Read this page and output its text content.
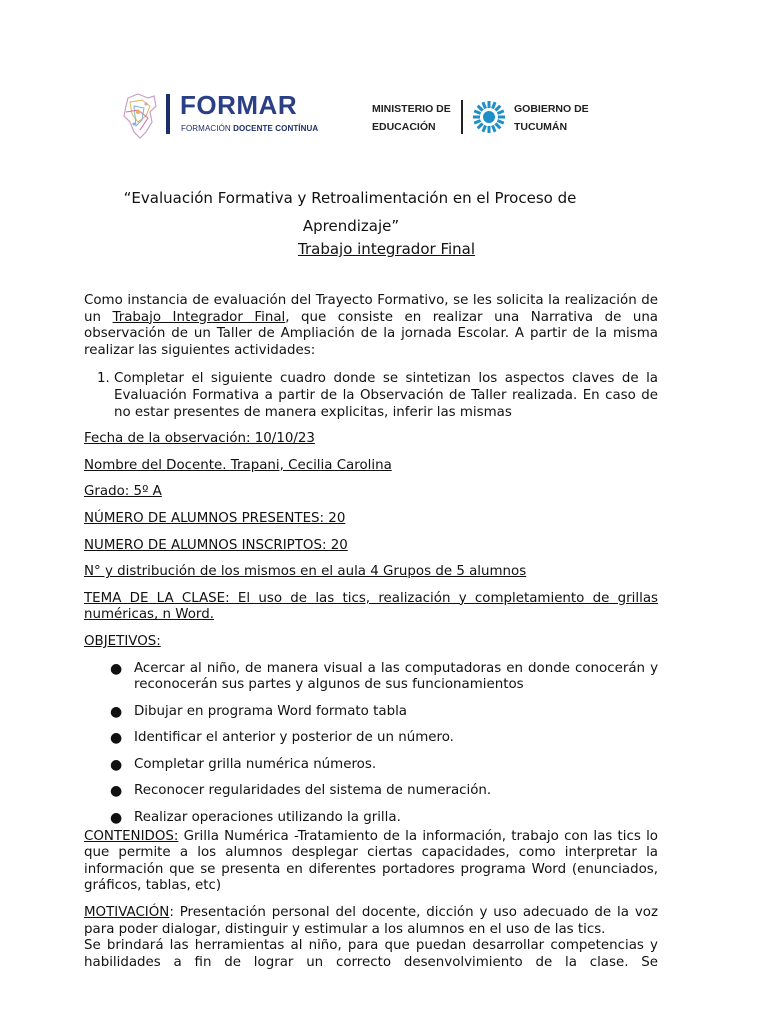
FORMAR
FORMACIÓN DOCENTE CONTÍNUA
MINISTERIO DE
EDUCACIÓN
GOBIERNO DE
TUCUMÁN
“Evaluación Formativa y Retroalimentación en el Proceso de
Aprendizaje”
Trabajo integrador Final

Como instancia de evaluación del Trayecto Formativo, se les solicita la realización de un Trabajo Integrador Final, que consiste en realizar una Narrativa de una observación de un Taller de Ampliación de la jornada Escolar. A partir de la misma realizar las siguientes actividades:

1. Completar el siguiente cuadro donde se sintetizan los aspectos claves de la Evaluación Formativa a partir de la Observación de Taller realizada. En caso de no estar presentes de manera explicitas, inferir las mismas

Fecha de la observación: 10/10/23

Nombre del Docente. Trapani, Cecilia Carolina

Grado: 5º A

NÚMERO DE ALUMNOS PRESENTES: 20

NUMERO DE ALUMNOS INSCRIPTOS: 20

N° y distribución de los mismos en el aula 4 Grupos de 5 alumnos

TEMA DE LA CLASE: El uso de las tics, realización y completamiento de grillas numéricas, n Word.

OBJETIVOS:

● Acercar al niño, de manera visual a las computadoras en donde conocerán y reconocerán sus partes y algunos de sus funcionamientos
● Dibujar en programa Word formato tabla
● Identificar el anterior y posterior de un número.
● Completar grilla numérica números.
● Reconocer regularidades del sistema de numeración.
● Realizar operaciones utilizando la grilla.

CONTENIDOS: Grilla Numérica -Tratamiento de la información, trabajo con las tics lo que permite a los alumnos desplegar ciertas capacidades, como interpretar la información que se presenta en diferentes portadores programa Word (enunciados, gráficos, tablas, etc)

MOTIVACIÓN: Presentación personal del docente, dicción y uso adecuado de la voz para poder dialogar, distinguir y estimular a los alumnos en el uso de las tics.

Se brindará las herramientas al niño, para que puedan desarrollar competencias y habilidades a fin de lograr un correcto desenvolvimiento de la clase. Se
